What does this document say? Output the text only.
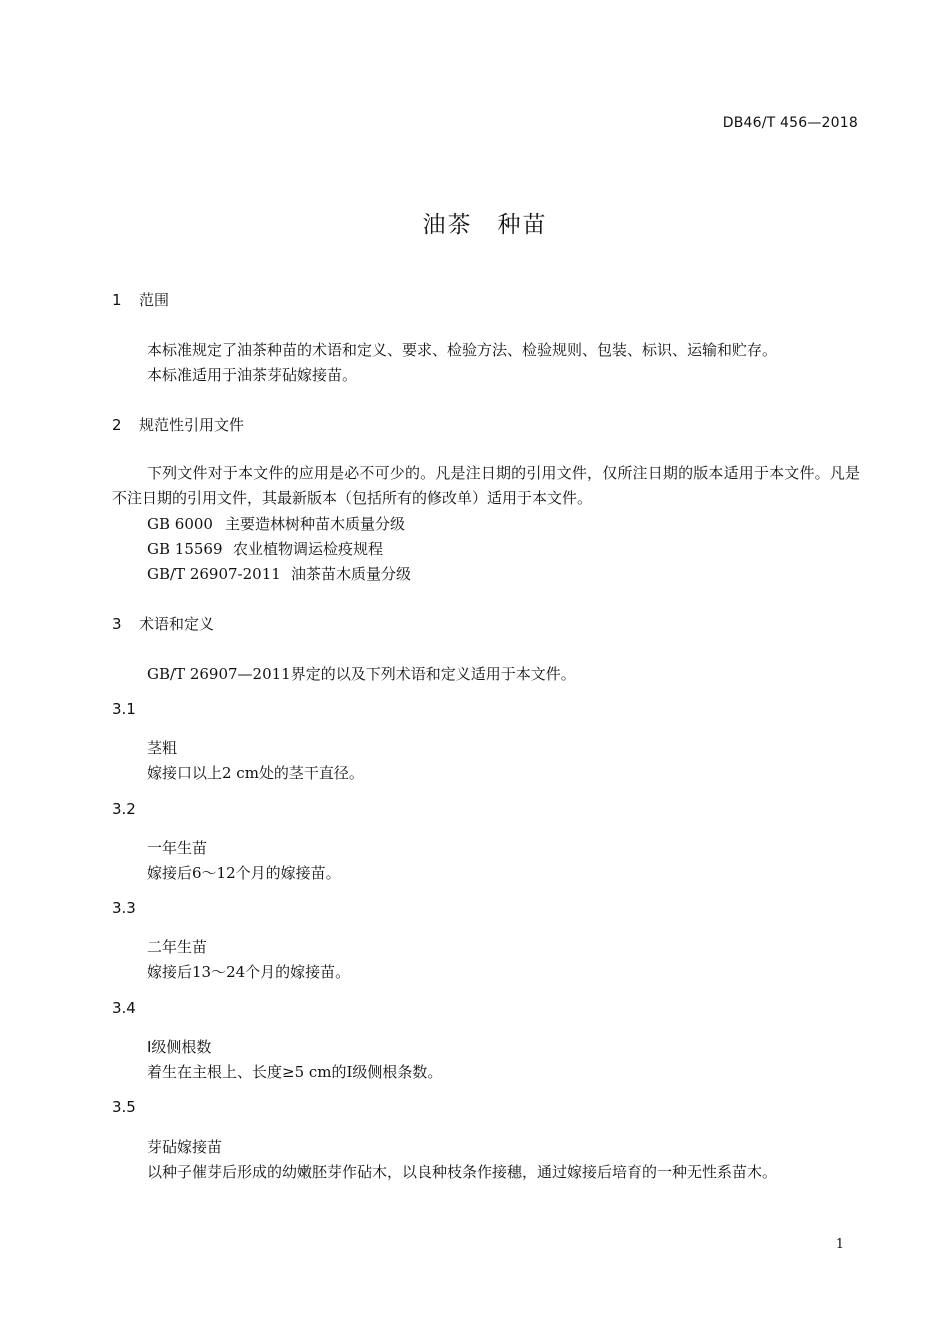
DB46/T 456—2018
油茶　种苗
1 范围
本标准规定了油茶种苗的术语和定义、要求、检验方法、检验规则、包装、标识、运输和贮存。
本标准适用于油茶芽砧嫁接苗。
2 规范性引用文件
下列文件对于本文件的应用是必不可少的。凡是注日期的引用文件，仅所注日期的版本适用于本文件。凡是不注日期的引用文件，其最新版本（包括所有的修改单）适用于本文件。
GB 6000 主要造林树种苗木质量分级
GB 15569 农业植物调运检疫规程
GB/T 26907-2011 油茶苗木质量分级
3 术语和定义
GB/T 26907—2011界定的以及下列术语和定义适用于本文件。
3.1
茎粗
嫁接口以上2 cm处的茎干直径。
3.2
一年生苗
嫁接后6～12个月的嫁接苗。
3.3
二年生苗
嫁接后13～24个月的嫁接苗。
3.4
Ⅰ级侧根数
着生在主根上、长度≥5 cm的Ⅰ级侧根条数。
3.5
芽砧嫁接苗
以种子催芽后形成的幼嫩胚芽作砧木，以良种枝条作接穗，通过嫁接后培育的一种无性系苗木。
1
